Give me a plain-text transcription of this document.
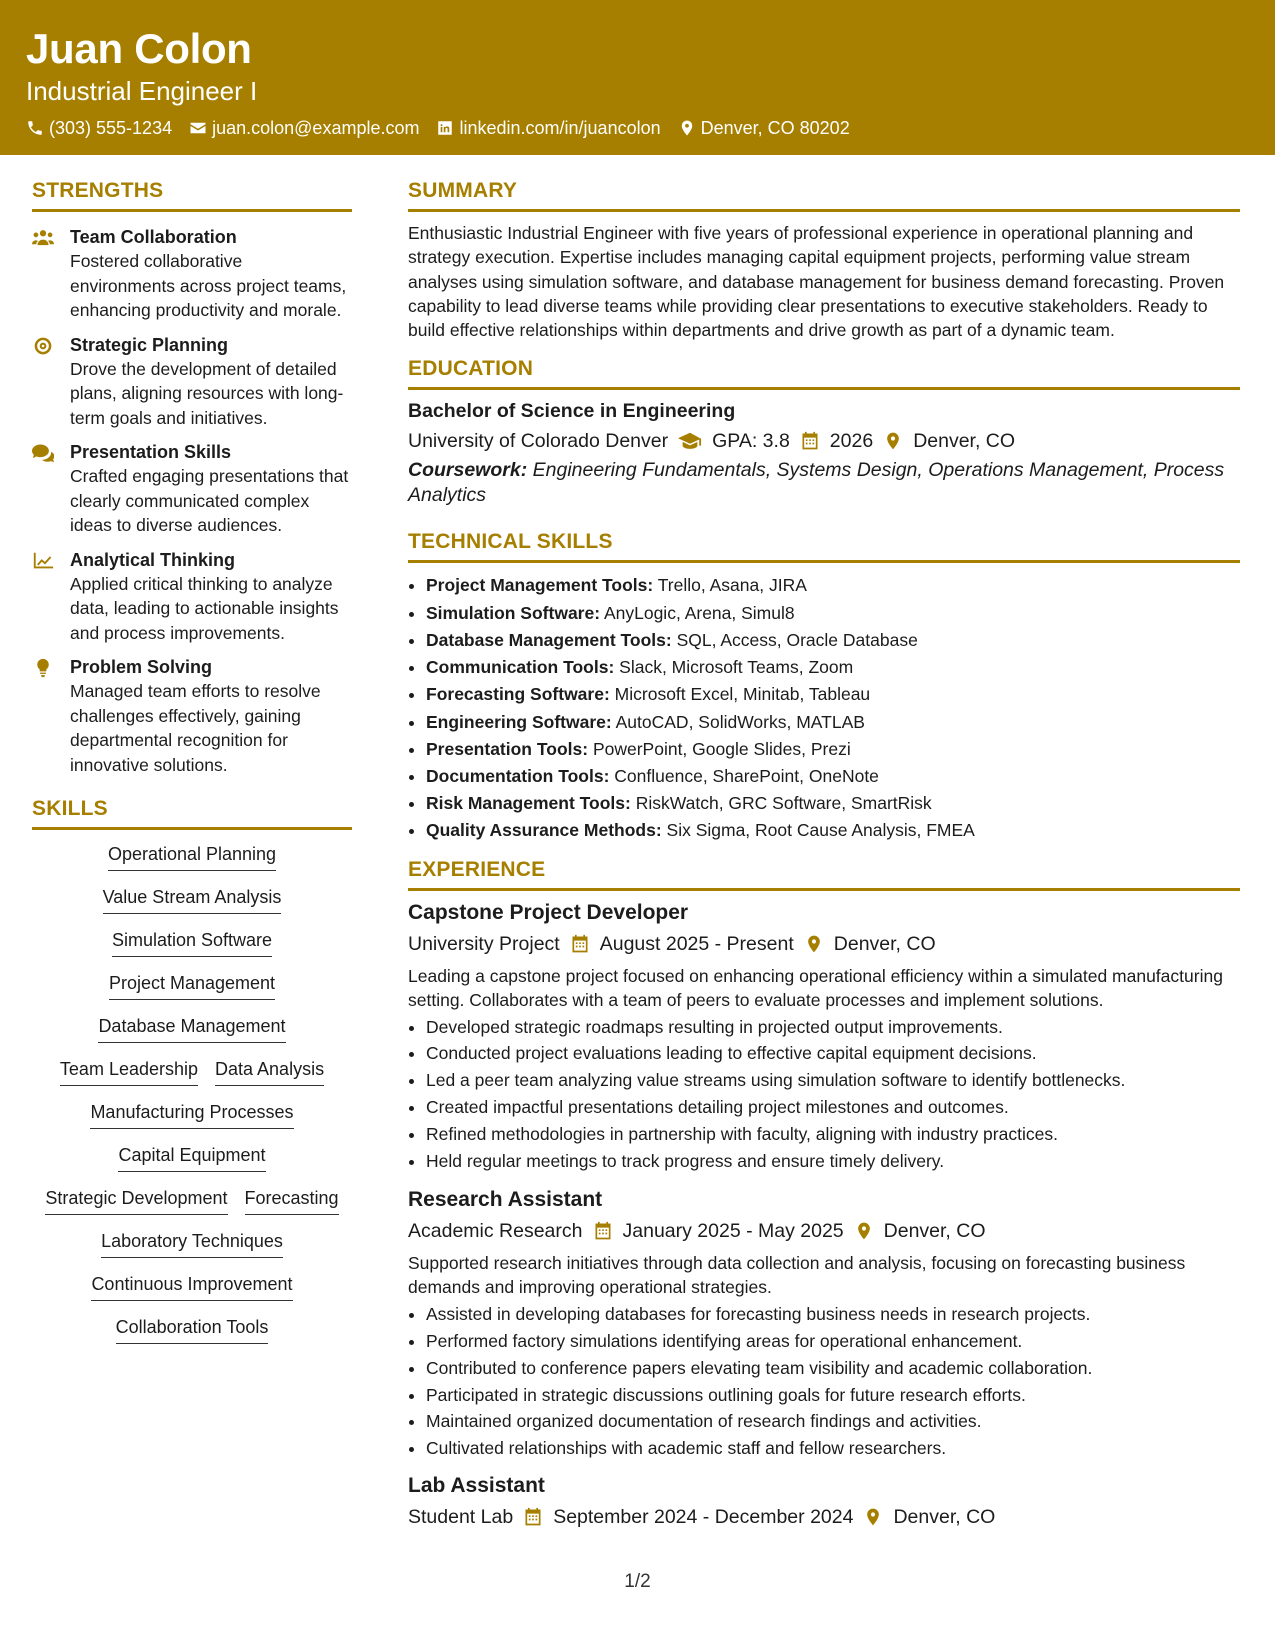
Juan Colon
Industrial Engineer I
(303) 555-1234 juan.colon@example.com linkedin.com/in/juancolon Denver, CO 80202
STRENGTHS
Team Collaboration
Fostered collaborative environments across project teams, enhancing productivity and morale.
Strategic Planning
Drove the development of detailed plans, aligning resources with long-term goals and initiatives.
Presentation Skills
Crafted engaging presentations that clearly communicated complex ideas to diverse audiences.
Analytical Thinking
Applied critical thinking to analyze data, leading to actionable insights and process improvements.
Problem Solving
Managed team efforts to resolve challenges effectively, gaining departmental recognition for innovative solutions.
SKILLS
Operational Planning
Value Stream Analysis
Simulation Software
Project Management
Database Management
Team Leadership Data Analysis
Manufacturing Processes
Capital Equipment
Strategic Development Forecasting
Laboratory Techniques
Continuous Improvement
Collaboration Tools
SUMMARY
Enthusiastic Industrial Engineer with five years of professional experience in operational planning and strategy execution. Expertise includes managing capital equipment projects, performing value stream analyses using simulation software, and database management for business demand forecasting. Proven capability to lead diverse teams while providing clear presentations to executive stakeholders. Ready to build effective relationships within departments and drive growth as part of a dynamic team.
EDUCATION
Bachelor of Science in Engineering
University of Colorado Denver GPA: 3.8 2026 Denver, CO
Coursework: Engineering Fundamentals, Systems Design, Operations Management, Process Analytics
TECHNICAL SKILLS
• Project Management Tools: Trello, Asana, JIRA
• Simulation Software: AnyLogic, Arena, Simul8
• Database Management Tools: SQL, Access, Oracle Database
• Communication Tools: Slack, Microsoft Teams, Zoom
• Forecasting Software: Microsoft Excel, Minitab, Tableau
• Engineering Software: AutoCAD, SolidWorks, MATLAB
• Presentation Tools: PowerPoint, Google Slides, Prezi
• Documentation Tools: Confluence, SharePoint, OneNote
• Risk Management Tools: RiskWatch, GRC Software, SmartRisk
• Quality Assurance Methods: Six Sigma, Root Cause Analysis, FMEA
EXPERIENCE
Capstone Project Developer
University Project August 2025 - Present Denver, CO
Leading a capstone project focused on enhancing operational efficiency within a simulated manufacturing setting. Collaborates with a team of peers to evaluate processes and implement solutions.
• Developed strategic roadmaps resulting in projected output improvements.
• Conducted project evaluations leading to effective capital equipment decisions.
• Led a peer team analyzing value streams using simulation software to identify bottlenecks.
• Created impactful presentations detailing project milestones and outcomes.
• Refined methodologies in partnership with faculty, aligning with industry practices.
• Held regular meetings to track progress and ensure timely delivery.
Research Assistant
Academic Research January 2025 - May 2025 Denver, CO
Supported research initiatives through data collection and analysis, focusing on forecasting business demands and improving operational strategies.
• Assisted in developing databases for forecasting business needs in research projects.
• Performed factory simulations identifying areas for operational enhancement.
• Contributed to conference papers elevating team visibility and academic collaboration.
• Participated in strategic discussions outlining goals for future research efforts.
• Maintained organized documentation of research findings and activities.
• Cultivated relationships with academic staff and fellow researchers.
Lab Assistant
Student Lab September 2024 - December 2024 Denver, CO
1/2
